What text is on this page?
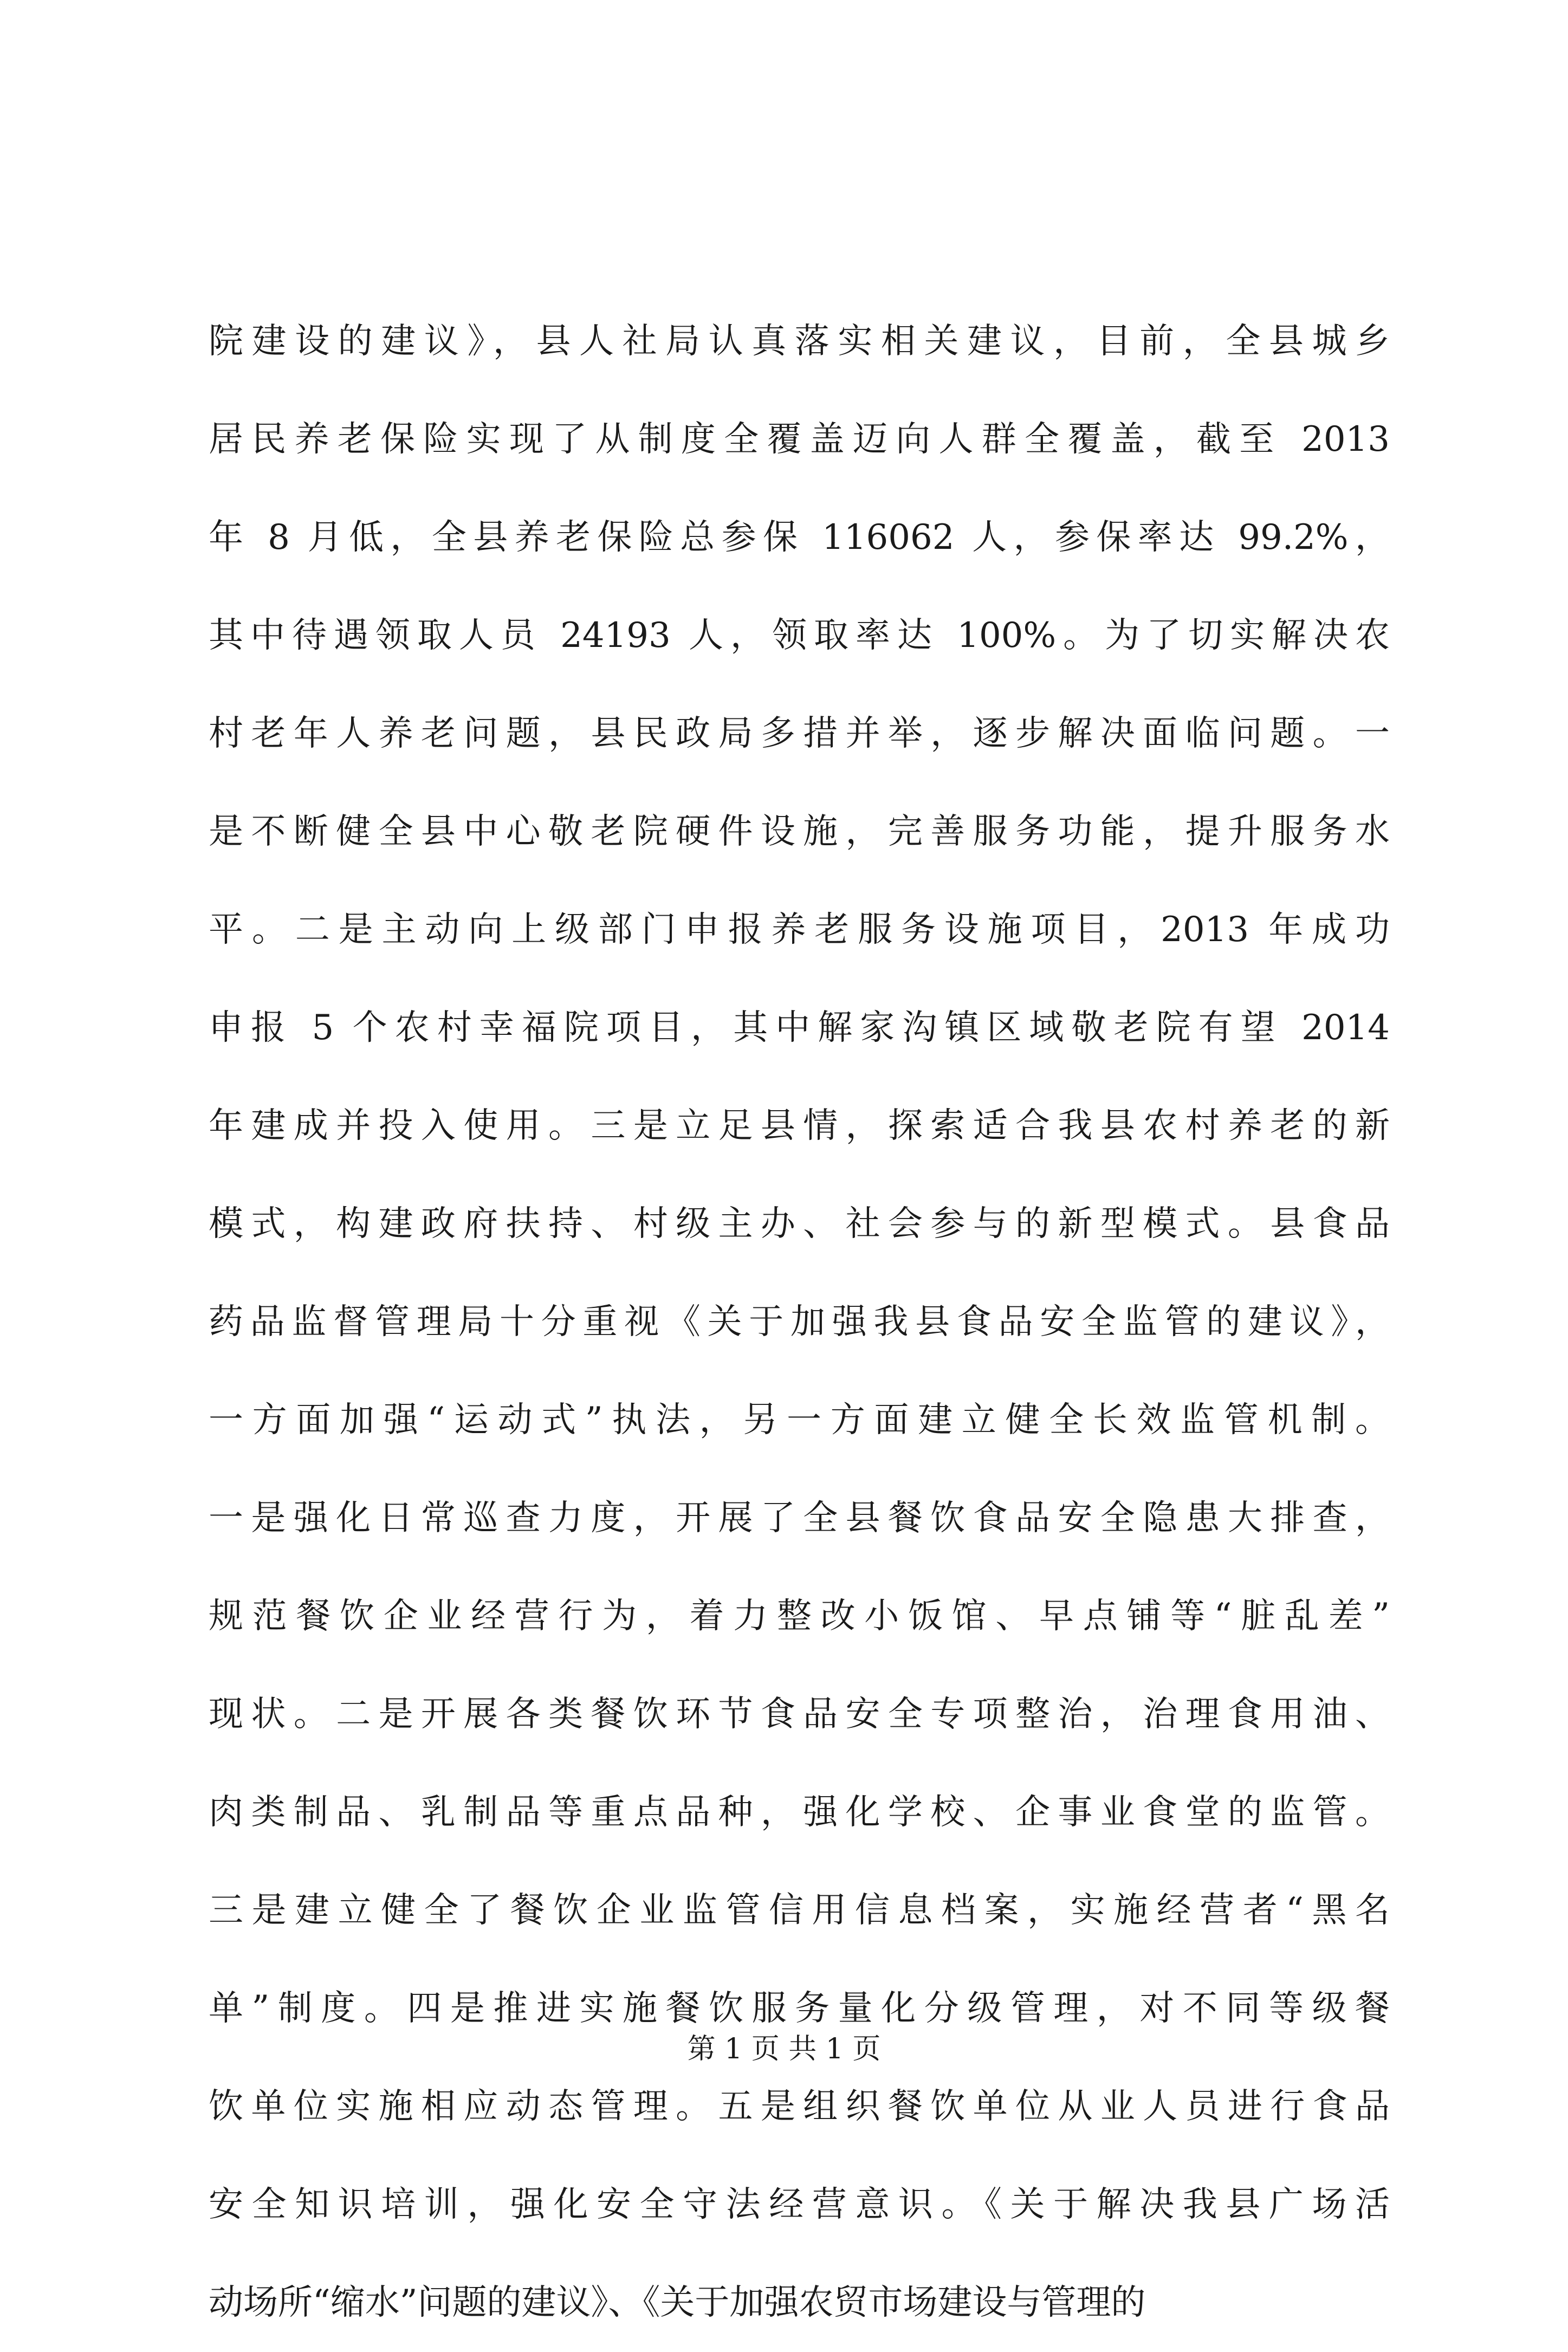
院建设的建议》，县人社局认真落实相关建议，目前，全县城乡
居民养老保险实现了从制度全覆盖迈向人群全覆盖，截至 2013
年 8 月低，全县养老保险总参保 116062 人，参保率达 99.2%，
其中待遇领取人员 24193 人，领取率达 100%。为了切实解决农
村老年人养老问题，县民政局多措并举，逐步解决面临问题。一
是不断健全县中心敬老院硬件设施，完善服务功能，提升服务水
平。二是主动向上级部门申报养老服务设施项目，2013 年成功
申报 5 个农村幸福院项目，其中解家沟镇区域敬老院有望 2014
年建成并投入使用。三是立足县情，探索适合我县农村养老的新
模式，构建政府扶持、村级主办、社会参与的新型模式。县食品
药品监督管理局十分重视《关于加强我县食品安全监管的建议》，
一方面加强“运动式”执法，另一方面建立健全长效监管机制。
一是强化日常巡查力度，开展了全县餐饮食品安全隐患大排查，
规范餐饮企业经营行为，着力整改小饭馆、早点铺等“脏乱差”
现状。二是开展各类餐饮环节食品安全专项整治，治理食用油、
肉类制品、乳制品等重点品种，强化学校、企事业食堂的监管。
三是建立健全了餐饮企业监管信用信息档案，实施经营者“黑名
单”制度。四是推进实施餐饮服务量化分级管理，对不同等级餐
饮单位实施相应动态管理。五是组织餐饮单位从业人员进行食品
安全知识培训，强化安全守法经营意识。《关于解决我县广场活
动场所“缩水”问题的建议》、《关于加强农贸市场建设与管理的
第 1 页 共 1 页
